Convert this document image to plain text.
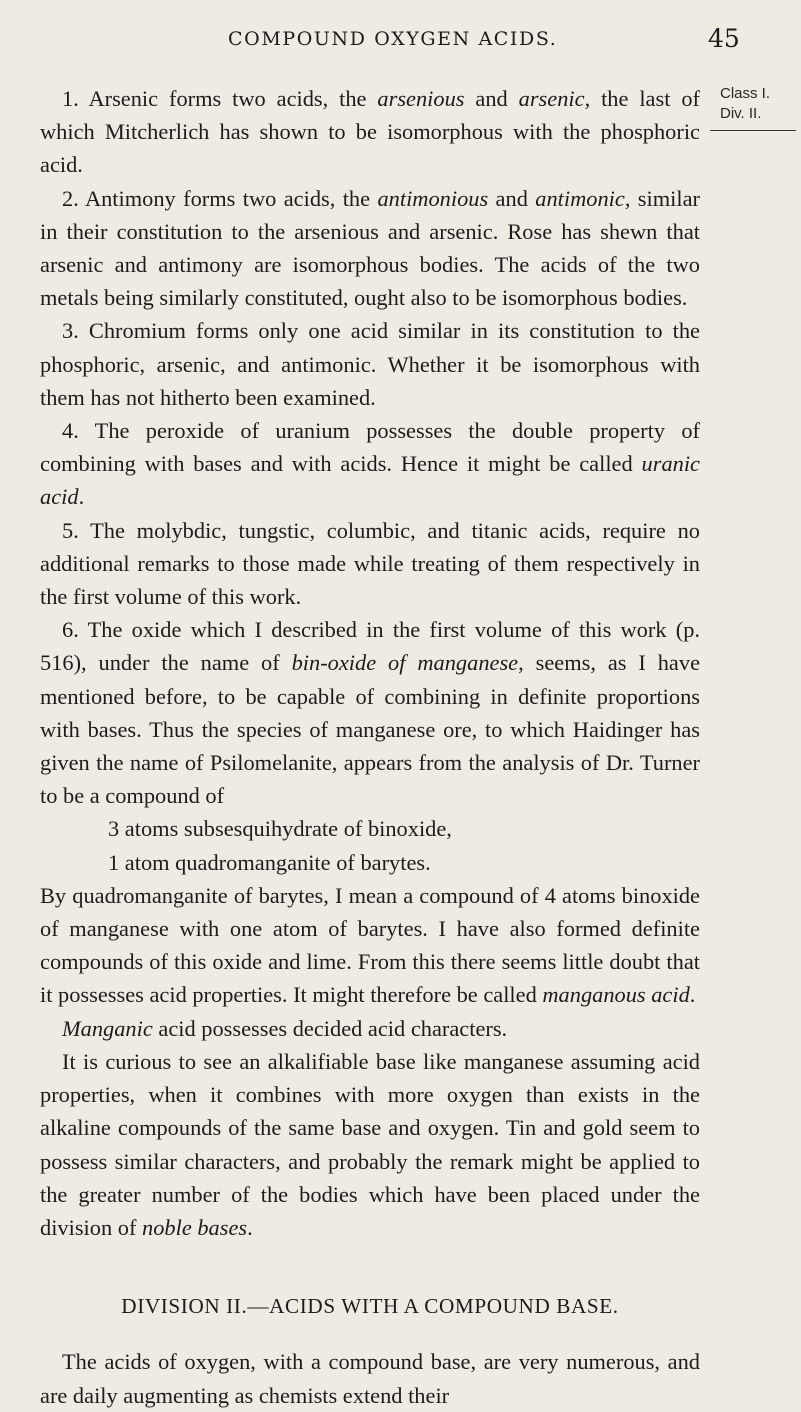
COMPOUND OXYGEN ACIDS.	45
Class I.
Div. II.

1. Arsenic forms two acids, the arsenious and arsenic, the last of which Mitcherlich has shown to be isomorphous with the phosphoric acid.

2. Antimony forms two acids, the antimonious and antimonic, similar in their constitution to the arsenious and arsenic. Rose has shewn that arsenic and antimony are isomorphous bodies. The acids of the two metals being similarly constituted, ought also to be isomorphous bodies.

3. Chromium forms only one acid similar in its constitution to the phosphoric, arsenic, and antimonic. Whether it be isomorphous with them has not hitherto been examined.

4. The peroxide of uranium possesses the double property of combining with bases and with acids. Hence it might be called uranic acid.

5. The molybdic, tungstic, columbic, and titanic acids, require no additional remarks to those made while treating of them respectively in the first volume of this work.

6. The oxide which I described in the first volume of this work (p. 516), under the name of bin-oxide of manganese, seems, as I have mentioned before, to be capable of combining in definite proportions with bases. Thus the species of manganese ore, to which Haidinger has given the name of Psilomelanite, appears from the analysis of Dr. Turner to be a compound of

3 atoms subsesquihydrate of binoxide,

1 atom quadromanganite of barytes.

By quadromanganite of barytes, I mean a compound of 4 atoms binoxide of manganese with one atom of barytes. I have also formed definite compounds of this oxide and lime. From this there seems little doubt that it possesses acid properties. It might therefore be called manganous acid.

Manganic acid possesses decided acid characters.

It is curious to see an alkalifiable base like manganese assuming acid properties, when it combines with more oxygen than exists in the alkaline compounds of the same base and oxygen. Tin and gold seem to possess similar characters, and probably the remark might be applied to the greater number of the bodies which have been placed under the division of noble bases.

DIVISION II.—ACIDS WITH A COMPOUND BASE.

The acids of oxygen, with a compound base, are very numerous, and are daily augmenting as chemists extend their
